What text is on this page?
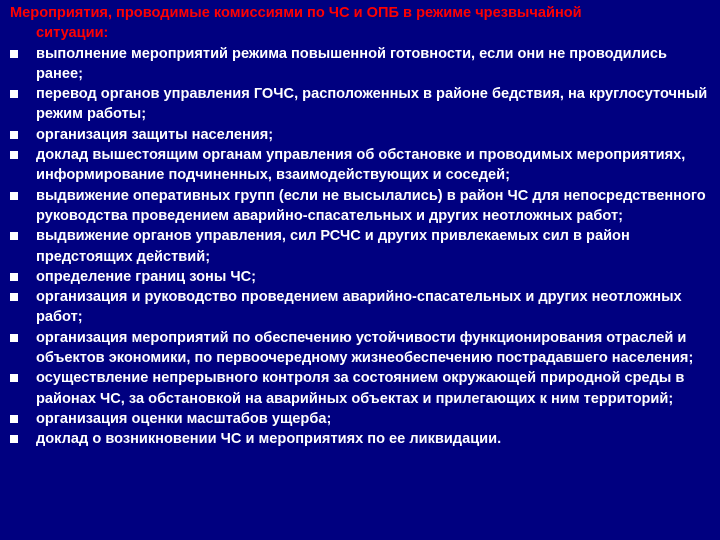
Мероприятия, проводимые комиссиями по ЧС и ОПБ в режиме чрезвычайной
ситуации:
выполнение мероприятий режима повышенной готовности, если они не проводились ранее;
перевод органов управления ГОЧС, расположенных в районе бедствия, на круглосуточный режим работы;
организация защиты населения;
доклад вышестоящим органам управления об обстановке и проводимых мероприятиях, информирование подчиненных, взаимодействующих и соседей;
выдвижение оперативных групп (если не высылались) в район ЧС для непосредственного руководства проведением аварийно-спасательных и других неотложных работ;
выдвижение органов управления, сил РСЧС и других привлекаемых сил в район предстоящих действий;
определение границ зоны ЧС;
организация и руководство проведением аварийно-спасательных и других неотложных работ;
организация мероприятий по обеспечению устойчивости функционирования отраслей и объектов экономики, по первоочередному жизнеобеспечению пострадавшего населения;
осуществление непрерывного контроля за состоянием окружающей природной среды в районах ЧС, за обстановкой на аварийных объектах и прилегающих к ним территорий;
организация оценки масштабов ущерба;
доклад о возникновении ЧС и мероприятиях по ее ликвидации.
